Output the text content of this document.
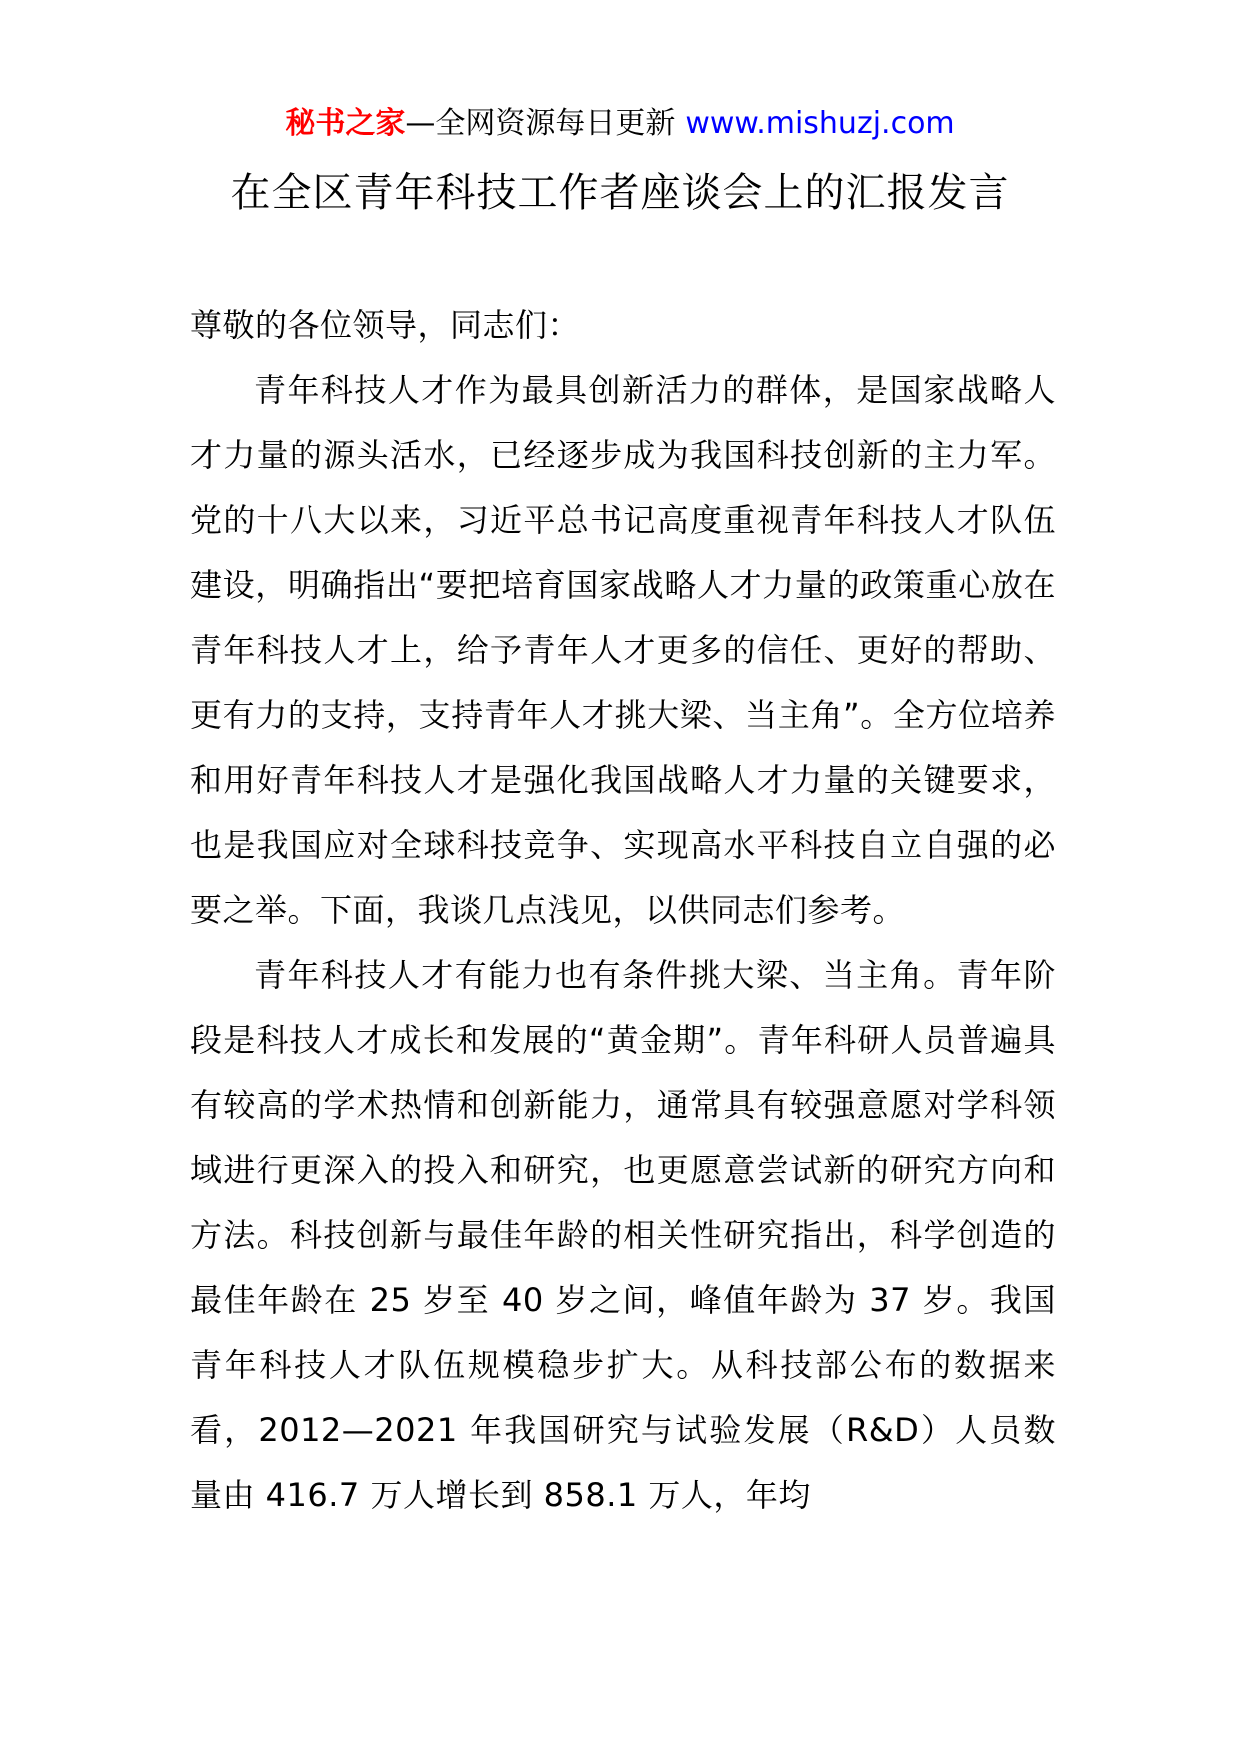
秘书之家—全网资源每日更新 www.mishuzj.com
在全区青年科技工作者座谈会上的汇报发言

尊敬的各位领导，同志们：

青年科技人才作为最具创新活力的群体，是国家战略人才力量的源头活水，已经逐步成为我国科技创新的主力军。党的十八大以来，习近平总书记高度重视青年科技人才队伍建设，明确指出“要把培育国家战略人才力量的政策重心放在青年科技人才上，给予青年人才更多的信任、更好的帮助、更有力的支持，支持青年人才挑大梁、当主角”。全方位培养和用好青年科技人才是强化我国战略人才力量的关键要求，也是我国应对全球科技竞争、实现高水平科技自立自强的必要之举。下面，我谈几点浅见，以供同志们参考。

青年科技人才有能力也有条件挑大梁、当主角。青年阶段是科技人才成长和发展的“黄金期”。青年科研人员普遍具有较高的学术热情和创新能力，通常具有较强意愿对学科领域进行更深入的投入和研究，也更愿意尝试新的研究方向和方法。科技创新与最佳年龄的相关性研究指出，科学创造的最佳年龄在 25 岁至 40 岁之间，峰值年龄为 37 岁。我国青年科技人才队伍规模稳步扩大。从科技部公布的数据来看，2012—2021 年我国研究与试验发展（R&D）人员数量由 416.7 万人增长到 858.1 万人，年均
